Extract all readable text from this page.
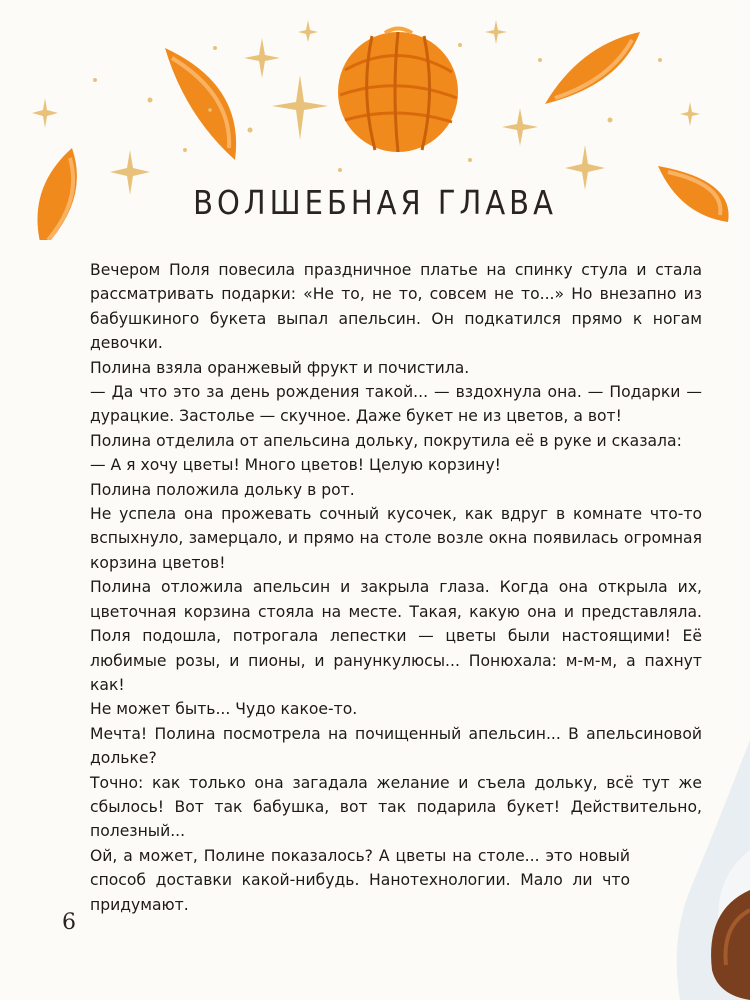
ВОЛШЕБНАЯ ГЛАВА

Вечером Поля повесила праздничное платье на спинку стула и стала рассматривать подарки: «Не то, не то, совсем не то...» Но внезапно из бабушкиного букета выпал апельсин. Он подкатился прямо к ногам девочки.

Полина взяла оранжевый фрукт и почистила.

— Да что это за день рождения такой... — вздохнула она. — Подарки — дурацкие. Застолье — скучное. Даже букет не из цветов, а вот!

Полина отделила от апельсина дольку, покрутила её в руке и сказала:

— А я хочу цветы! Много цветов! Целую корзину!

Полина положила дольку в рот.

Не успела она прожевать сочный кусочек, как вдруг в комнате что-то вспыхнуло, замерцало, и прямо на столе возле окна появилась огромная корзина цветов!

Полина отложила апельсин и закрыла глаза. Когда она открыла их, цветочная корзина стояла на месте. Такая, какую она и представляла. Поля подошла, потрогала лепестки — цветы были настоящими! Её любимые розы, и пионы, и ранункулюсы... Понюхала: м-м-м, а пахнут как!

Не может быть... Чудо какое-то.

Мечта! Полина посмотрела на почищенный апельсин... В апельсиновой дольке?

Точно: как только она загадала желание и съела дольку, всё тут же сбылось! Вот так бабушка, вот так подарила букет! Действительно, полезный...

Ой, а может, Полине показалось? А цветы на столе... это новый способ доставки какой-нибудь. Нанотехнологии. Мало ли что придумают.

6
